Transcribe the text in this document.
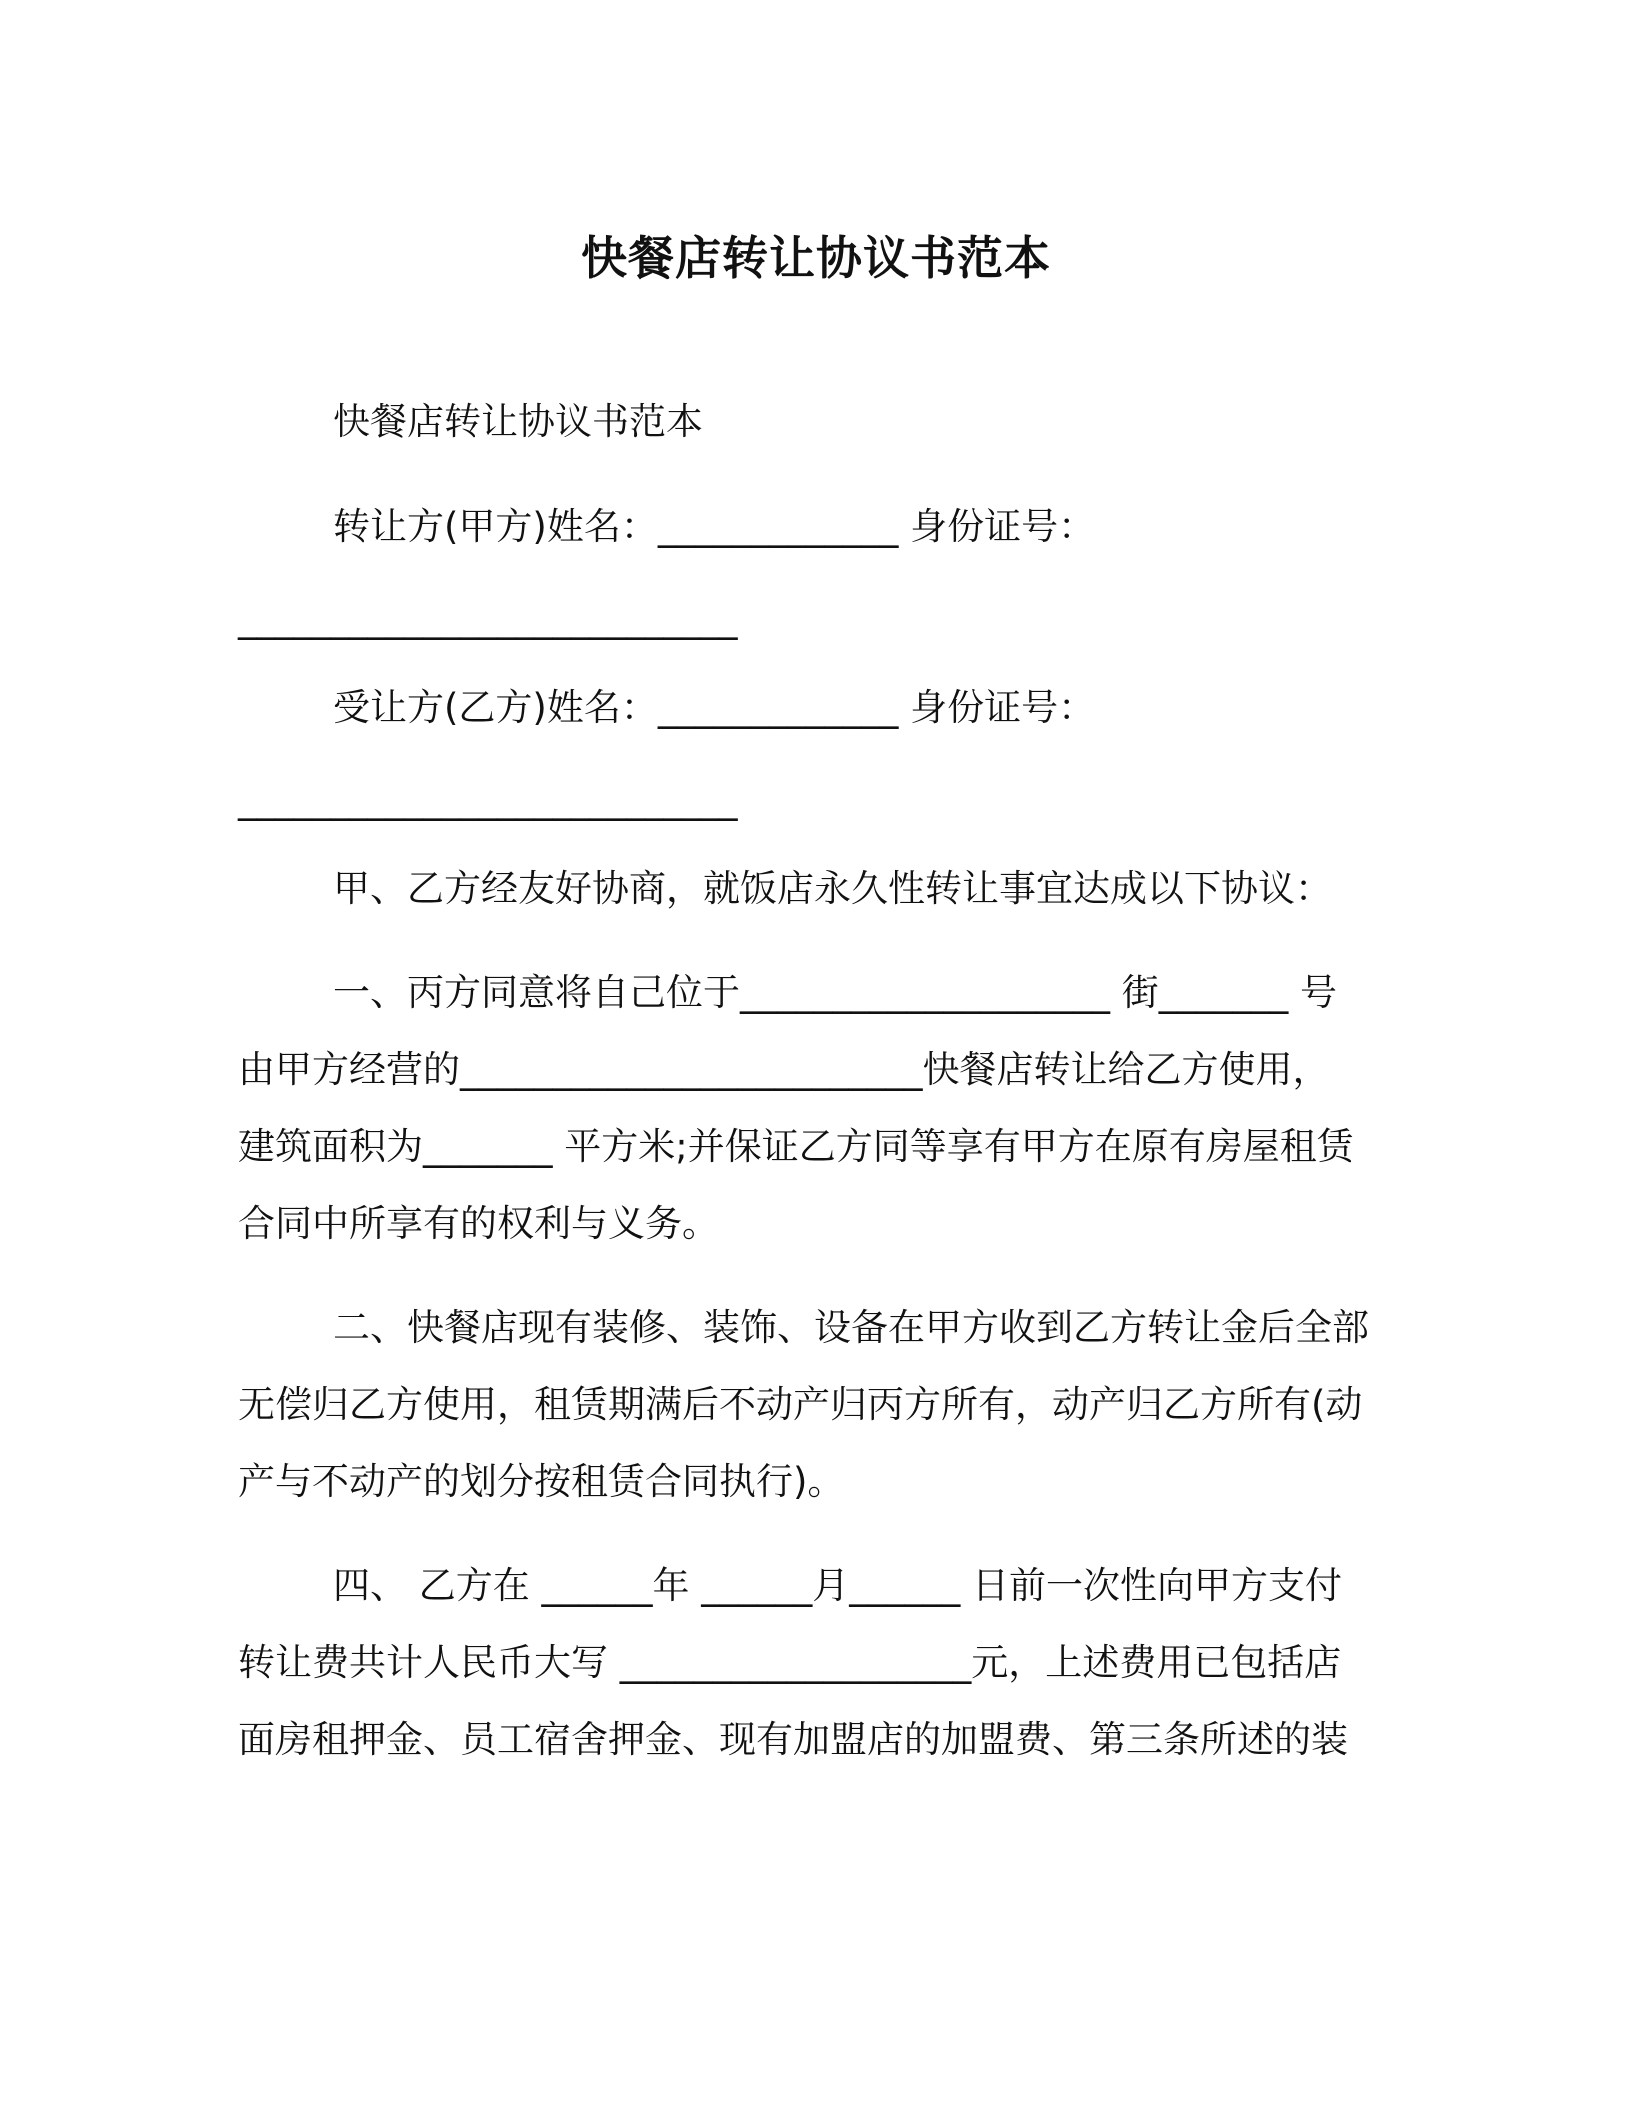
快餐店转让协议书范本

快餐店转让协议书范本

转让方(甲方)姓名：_____________ 身份证号：

___________________________

受让方(乙方)姓名：_____________ 身份证号：

___________________________

甲、乙方经友好协商，就饭店永久性转让事宜达成以下协议：

一、丙方同意将自己位于____________________ 街_______ 号

由甲方经营的_________________________快餐店转让给乙方使用，

建筑面积为_______ 平方米;并保证乙方同等享有甲方在原有房屋租赁

合同中所享有的权利与义务。

二、快餐店现有装修、装饰、设备在甲方收到乙方转让金后全部

无偿归乙方使用，租赁期满后不动产归丙方所有，动产归乙方所有(动

产与不动产的划分按租赁合同执行)。

四、 乙方在 ______年 ______月______ 日前一次性向甲方支付

转让费共计人民币大写 ___________________元，上述费用已包括店

面房租押金、员工宿舍押金、现有加盟店的加盟费、第三条所述的装
